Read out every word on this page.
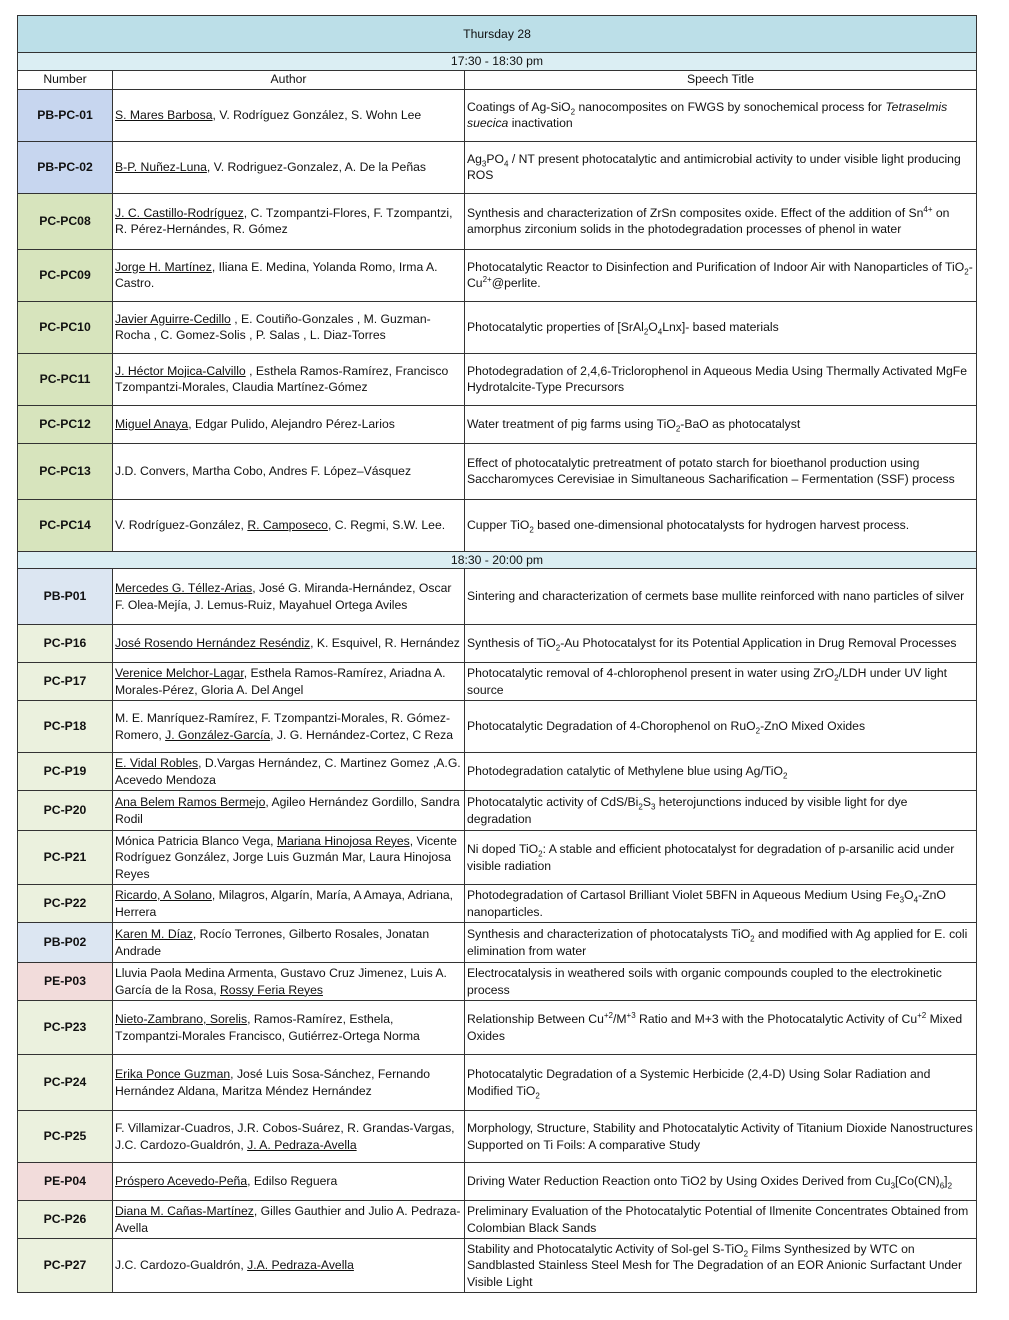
Thursday 28		
17:30 - 18:30 pm		
Number	Author	Speech Title
PB-PC-01	S. Mares Barbosa, V. Rodríguez González, S. Wohn Lee	Coatings of Ag-SiO$_2$ nanocomposites on FWGS by sonochemical process for Tetraselmis suecica inactivation
PB-PC-02	B-P. Nuñez-Luna, V. Rodriguez-Gonzalez, A. De la Peñas	$Ag_3PO_4$ / NT present photocatalytic and antimicrobial activity to under visible light producing ROS
PC-PC08	J. C. Castillo-Rodríguez, C. Tzompantzi-Flores, F. Tzompantzi, R. Pérez-Hernándes, R. Gómez	Synthesis and characterization of ZrSn composites oxide. Effect of the addition of $Sn^{4+}$ on amorphus zirconium solids in the photodegradation processes of phenol in water
PC-PC09	Jorge H. Martínez, Iliana E. Medina, Yolanda Romo, Irma A. Castro.	Photocatalytic Reactor to Disinfection and Purification of Indoor Air with Nanoparticles of $TiO_2-Cu^{2+}@perlite$.
PC-PC10	Javier Aguirre-Cedillo , E. Coutiño-Gonzales , M. Guzman-Rocha , C. Gomez-Solis , P. Salas , L. Diaz-Torres	Photocatalytic properties of $[SrAl_2O_4Lnx]-$ based materials
PC-PC11	J. Héctor Mojica-Calvillo , Esthela Ramos-Ramírez, Francisco Tzompantzi-Morales, Claudia Martínez-Gómez	Photodegradation of 2,4,6-Triclorophenol in Aqueous Media Using Thermally Activated MgFe Hydrotalcite-Type Precursors
PC-PC12	Miguel Anaya, Edgar Pulido, Alejandro Pérez-Larios	Water treatment of pig farms using TiO$_2$-BaO as photocatalyst
PC-PC13	J.D. Convers, Martha Cobo, Andres F. López–Vásquez	Effect of photocatalytic pretreatment of potato starch for bioethanol production using Saccharomyces Cerevisiae in Simultaneous Sacharification – Fermentation (SSF) process
PC-PC14	V. Rodríguez-González, R. Camposeco, C. Regmi, S.W. Lee.	Cupper TiO$_2$ based one-dimensional photocatalysts for hydrogen harvest process.
18:30 - 20:00 pm		
PB-P01	Mercedes G. Téllez-Arias, José G. Miranda-Hernández, Oscar F. Olea-Mejía, J. Lemus-Ruiz, Mayahuel Ortega Aviles	Sintering and characterization of cermets base mullite reinforced with nano particles of silver
PC-P16	José Rosendo Hernández Reséndiz, K. Esquivel, R. Hernández	Synthesis of TiO$_2$-Au Photocatalyst for its Potential Application in Drug Removal Processes
PC-P17	Verenice Melchor-Lagar, Esthela Ramos-Ramírez, Ariadna A. Morales-Pérez, Gloria A. Del Angel	Photocatalytic removal of 4-chlorophenol present in water using ZrO$_2$/LDH under UV light source
PC-P18	M. E. Manríquez-Ramírez, F. Tzompantzi-Morales, R. Gómez-Romero, J. González-García, J. G. Hernández-Cortez, C Reza	Photocatalytic Degradation of 4-Chorophenol on RuO$_2$-ZnO Mixed Oxides
PC-P19	E. Vidal Robles, D.Vargas Hernández, C. Martinez Gomez ,A.G. Acevedo Mendoza	Photodegradation catalytic of Methylene blue using Ag/TiO$_2$
PC-P20	Ana Belem Ramos Bermejo, Agileo Hernández Gordillo, Sandra Rodil	Photocatalytic activity of CdS/$Bi_2S_3$ heterojunctions induced by visible light for dye degradation
PC-P21	Mónica Patricia Blanco Vega, Mariana Hinojosa Reyes, Vicente Rodríguez González, Jorge Luis Guzmán Mar, Laura Hinojosa Reyes	Ni doped TiO$_2$: A stable and efficient photocatalyst for degradation of p-arsanilic acid under visible radiation
PC-P22	Ricardo, A Solano, Milagros, Algarín, María, A Amaya, Adriana, Herrera	Photodegradation of Cartasol Brilliant Violet 5BFN in Aqueous Medium Using $Fe_3O_4$-ZnO nanoparticles.
PB-P02	Karen M. Díaz, Rocío Terrones, Gilberto Rosales, Jonatan Andrade	Synthesis and characterization of photocatalysts TiO$_2$ and modified with Ag applied for E. coli elimination from water
PE-P03	Lluvia Paola Medina Armenta, Gustavo Cruz Jimenez, Luis A. García de la Rosa, Rossy Feria Reyes	Electrocatalysis in weathered soils with organic compounds coupled to the electrokinetic process
PC-P23	Nieto-Zambrano, Sorelis, Ramos-Ramírez, Esthela, Tzompantzi-Morales Francisco, Gutiérrez-Ortega Norma	Relationship Between $Cu^{+2}/M^{+3}$ Ratio and M+3 with the Photocatalytic Activity of $Cu^{+2}$ Mixed Oxides
PC-P24	Erika Ponce Guzman, José Luis Sosa-Sánchez, Fernando Hernández Aldana, Maritza Méndez Hernández	Photocatalytic Degradation of a Systemic Herbicide (2,4-D) Using Solar Radiation and Modified TiO$_2$
PC-P25	F. Villamizar-Cuadros, J.R. Cobos-Suárez, R. Grandas-Vargas, J.C. Cardozo-Gualdrón, J. A. Pedraza-Avella	Morphology, Structure, Stability and Photocatalytic Activity of Titanium Dioxide Nanostructures Supported on Ti Foils: A comparative Study
PE-P04	Próspero Acevedo-Peña, Edilso Reguera	Driving Water Reduction Reaction onto TiO2 by Using Oxides Derived from $Cu_3[Co(CN)_6]_2$
PC-P26	Diana M. Cañas-Martínez, Gilles Gauthier and Julio A. Pedraza-Avella	Preliminary Evaluation of the Photocatalytic Potential of Ilmenite Concentrates Obtained from Colombian Black Sands
PC-P27	J.C. Cardozo-Gualdrón, J.A. Pedraza-Avella	Stability and Photocatalytic Activity of Sol-gel S-TiO$_2$ Films Synthesized by WTC on Sandblasted Stainless Steel Mesh for The Degradation of an EOR Anionic Surfactant Under Visible Light
